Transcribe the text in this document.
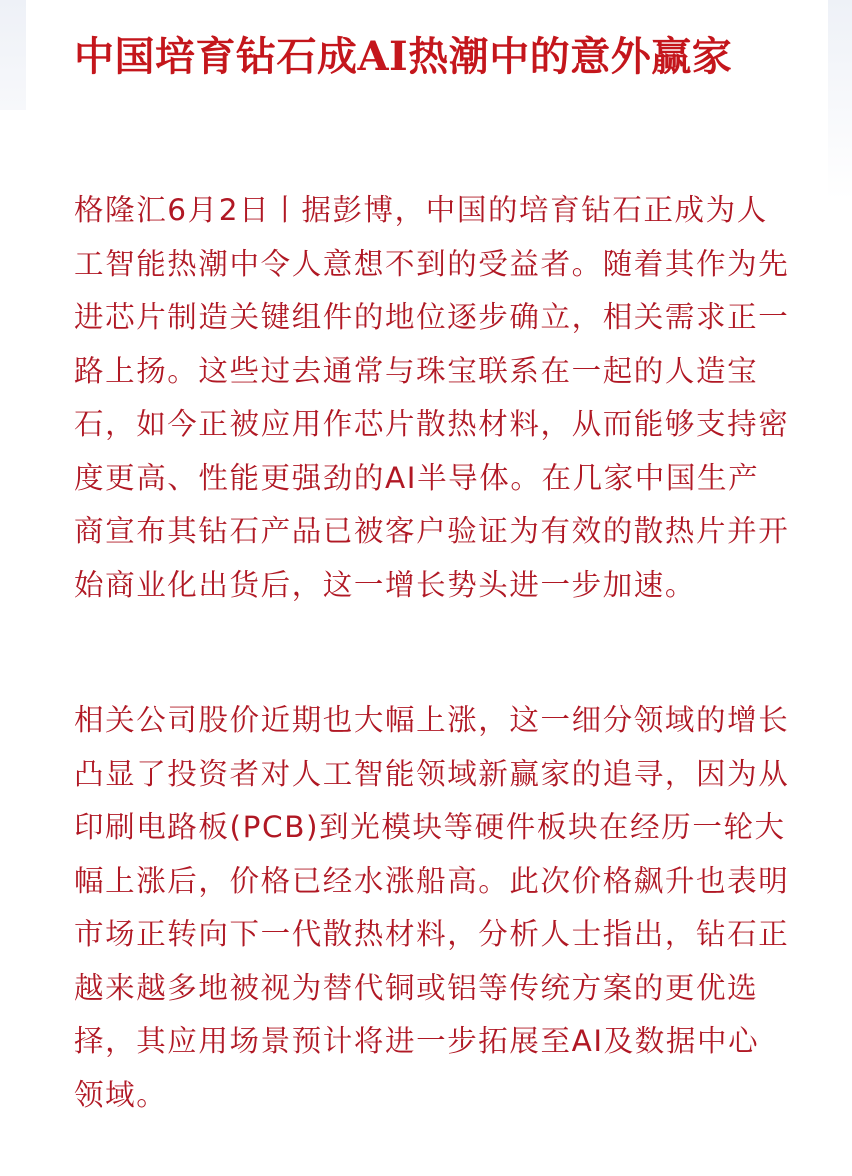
中国培育钻石成AI热潮中的意外赢家

格隆汇6月2日丨据彭博，中国的培育钻石正成为人工智能热潮中令人意想不到的受益者。随着其作为先进芯片制造关键组件的地位逐步确立，相关需求正一路上扬。这些过去通常与珠宝联系在一起的人造宝石，如今正被应用作芯片散热材料，从而能够支持密度更高、性能更强劲的AI半导体。在几家中国生产商宣布其钻石产品已被客户验证为有效的散热片并开始商业化出货后，这一增长势头进一步加速。

相关公司股价近期也大幅上涨，这一细分领域的增长凸显了投资者对人工智能领域新赢家的追寻，因为从印刷电路板(PCB)到光模块等硬件板块在经历一轮大幅上涨后，价格已经水涨船高。此次价格飙升也表明市场正转向下一代散热材料，分析人士指出，钻石正越来越多地被视为替代铜或铝等传统方案的更优选择，其应用场景预计将进一步拓展至AI及数据中心领域。
